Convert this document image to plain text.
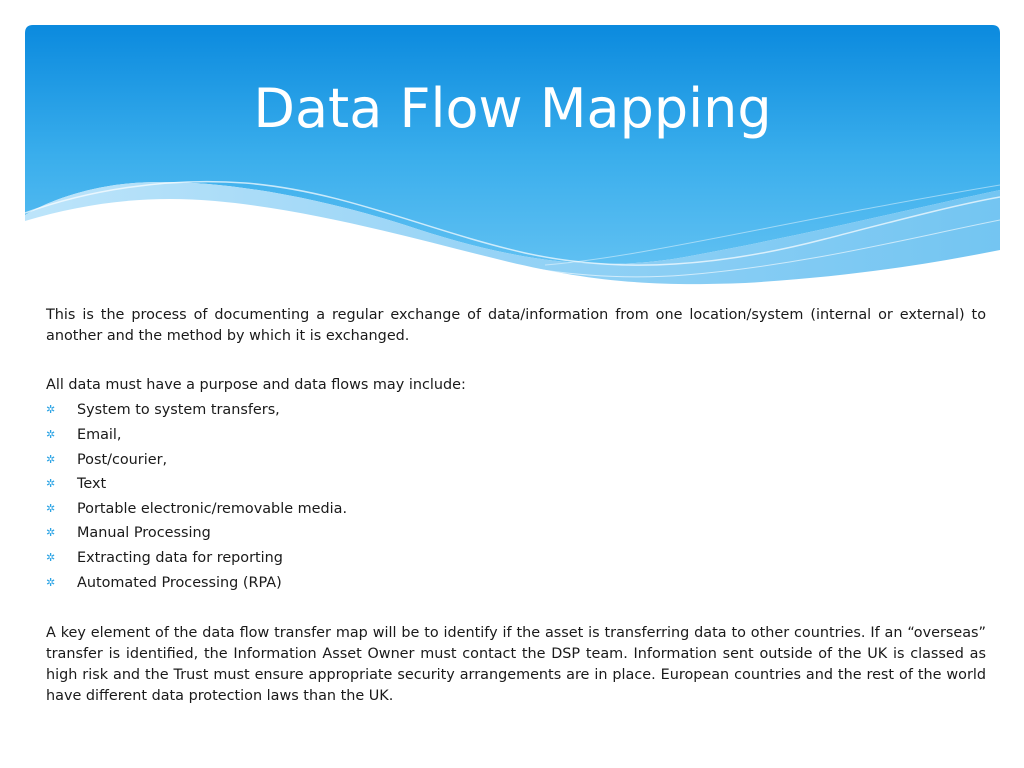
Data Flow Mapping

This is the process of documenting a regular exchange of data/information from one location/system (internal or external) to another and the method by which it is exchanged.

All data must have a purpose and data flows may include:

✲ System to system transfers,
✲ Email,
✲ Post/courier,
✲ Text
✲ Portable electronic/removable media.
✲ Manual Processing
✲ Extracting data for reporting
✲ Automated Processing (RPA)

A key element of the data flow transfer map will be to identify if the asset is transferring data to other countries. If an “overseas” transfer is identified, the Information Asset Owner must contact the DSP team. Information sent outside of the UK is classed as high risk and the Trust must ensure appropriate security arrangements are in place. European countries and the rest of the world have different data protection laws than the UK.
